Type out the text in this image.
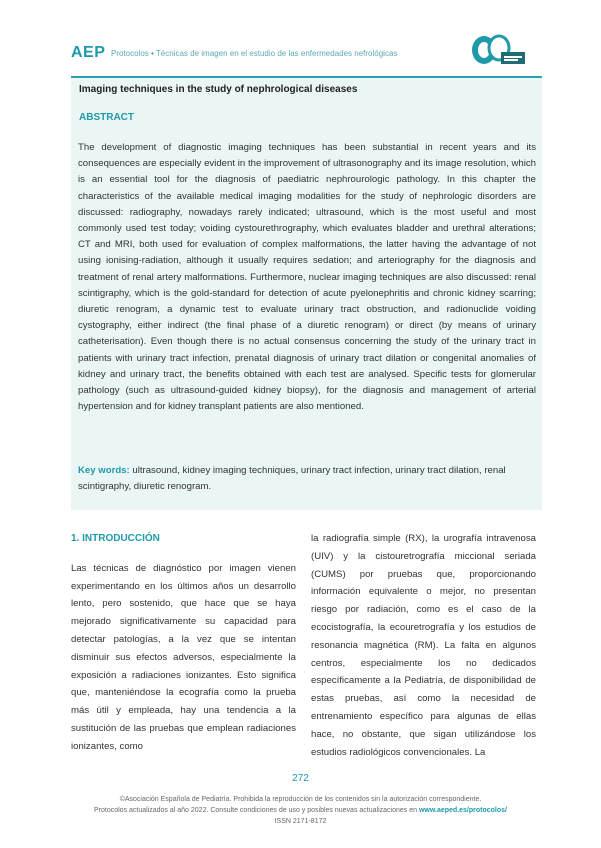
AEP Protocolos • Técnicas de imagen en el estudio de las enfermedades nefrológicas
Imaging techniques in the study of nephrological diseases
ABSTRACT
The development of diagnostic imaging techniques has been substantial in recent years and its consequences are especially evident in the improvement of ultrasonography and its image resolution, which is an essential tool for the diagnosis of paediatric nephrourologic pathology. In this chapter the characteristics of the available medical imaging modalities for the study of nephrologic disorders are discussed: radiography, nowadays rarely indicated; ultrasound, which is the most useful and most commonly used test today; voiding cystourethrography, which evaluates bladder and urethral alterations; CT and MRI, both used for evaluation of complex malformations, the latter having the advantage of not using ionising-radiation, although it usually requires sedation; and arteriography for the diagnosis and treatment of renal artery malformations. Furthermore, nuclear imaging techniques are also discussed: renal scintigraphy, which is the gold-standard for detection of acute pyelonephritis and chronic kidney scarring; diuretic renogram, a dynamic test to evaluate urinary tract obstruction, and radionuclide voiding cystography, either indirect (the final phase of a diuretic renogram) or direct (by means of urinary catheterisation). Even though there is no actual consensus concerning the study of the urinary tract in patients with urinary tract infection, prenatal diagnosis of urinary tract dilation or congenital anomalies of kidney and urinary tract, the benefits obtained with each test are analysed. Specific tests for glomerular pathology (such as ultrasound-guided kidney biopsy), for the diagnosis and management of arterial hypertension and for kidney transplant patients are also mentioned.
Key words: ultrasound, kidney imaging techniques, urinary tract infection, urinary tract dilation, renal scintigraphy, diuretic renogram.
1. INTRODUCCIÓN
Las técnicas de diagnóstico por imagen vienen experimentando en los últimos años un desarrollo lento, pero sostenido, que hace que se haya mejorado significativamente su capacidad para detectar patologías, a la vez que se intentan disminuir sus efectos adversos, especialmente la exposición a radiaciones ionizantes. Esto significa que, manteniéndose la ecografía como la prueba más útil y empleada, hay una tendencia a la sustitución de las pruebas que emplean radiaciones ionizantes, como
la radiografía simple (RX), la urografía intravenosa (UIV) y la cistouretrografía miccional seriada (CUMS) por pruebas que, proporcionando información equivalente o mejor, no presentan riesgo por radiación, como es el caso de la ecocistografía, la ecouretrografía y los estudios de resonancia magnética (RM). La falta en algunos centros, especialmente los no dedicados específicamente a la Pediatría, de disponibilidad de estas pruebas, así como la necesidad de entrenamiento específico para algunas de ellas hace, no obstante, que sigan utilizándose los estudios radiológicos convencionales. La
272
©Asociación Española de Pediatría. Prohibida la reproducción de los contenidos sin la autorización correspondiente.
Protocolos actualizados al año 2022. Consulte condiciones de uso y posibles nuevas actualizaciones en www.aeped.es/protocolos/
ISSN 2171-8172
